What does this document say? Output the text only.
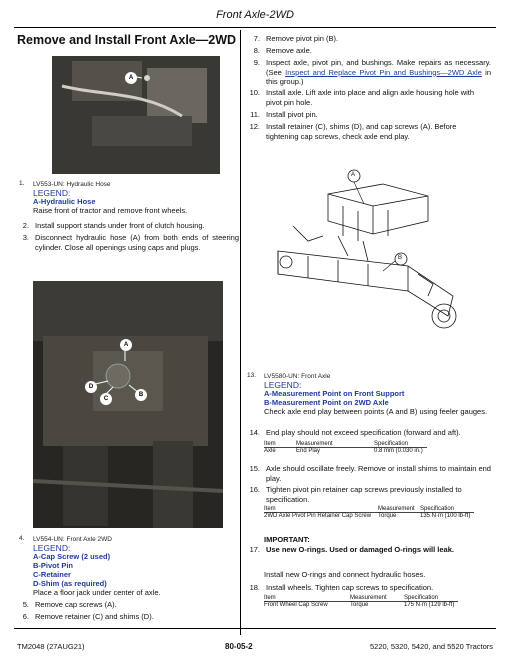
Front Axle-2WD
Remove and Install Front Axle—2WD
A
1. LV553-UN: Hydraulic Hose
LEGEND:
A-Hydraulic Hose
Raise front of tractor and remove front wheels.
2. Install support stands under front of clutch housing.
3. Disconnect hydraulic hose (A) from both ends of steering cylinder. Close all openings using caps and plugs.
A
B
C
D
4. LV554-UN: Front Axle 2WD
LEGEND:
A-Cap Screw (2 used)
B-Pivot Pin
C-Retainer
D-Shim (as required)
Place a floor jack under center of axle.
5. Remove cap screws (A).
6. Remove retainer (C) and shims (D).
7. Remove pivot pin (B).
8. Remove axle.
9. Inspect axle, pivot pin, and bushings. Make repairs as necessary. (See Inspect and Replace Pivot Pin and Bushings—2WD Axle in this group.)
10. Install axle. Lift axle into place and align axle housing hole with pivot pin hole.
11. Install pivot pin.
12. Install retainer (C), shims (D), and cap screws (A). Before tightening cap screws, check axle end play.
A
B
13. LV5580-UN: Front Axle
LEGEND:
A-Measurement Point on Front Support
B-Measurement Point on 2WD Axle
Check axle end play between points (A and B) using feeler gauges.
14. End play should not exceed specification (forward and aft).
Item	Measurement	Specification
Axle	End Play	0.8 mm (0.030 in.)
15. Axle should oscillate freely. Remove or install shims to maintain end play.
16. Tighten pivot pin retainer cap screws previously installed to specification.
Item	Measurement	Specification
2WD Axle Pivot Pin Retainer Cap Screw	Torque	135 N·m (100 lb-ft)
IMPORTANT:
17. Use new O-rings. Used or damaged O-rings will leak.
Install new O-rings and connect hydraulic hoses.
18. Install wheels. Tighten cap screws to specification.
Item	Measurement	Specification
Front Wheel Cap Screw	Torque	175 N·m (129 lb-ft)
TM2048 (27AUG21)	80-05-2	5220, 5320, 5420, and 5520 Tractors
